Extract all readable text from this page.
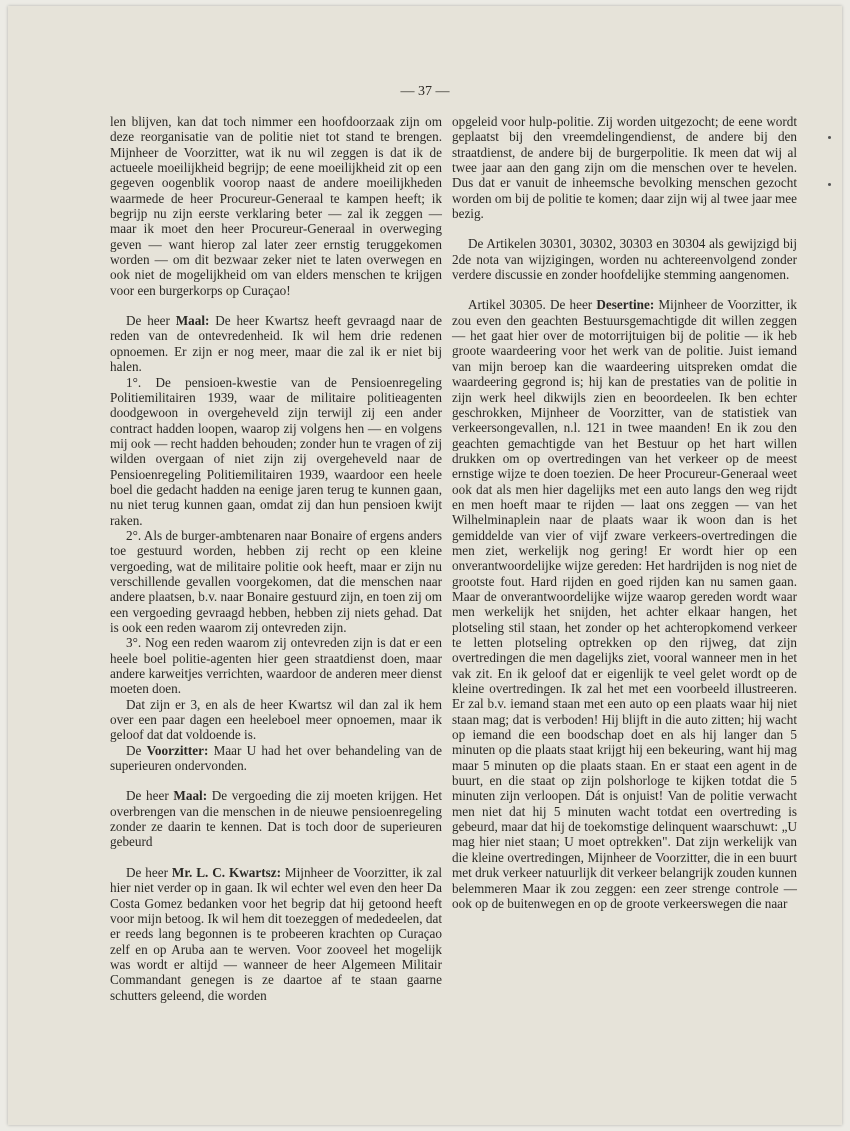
— 37 —

len blijven, kan dat toch nimmer een hoofdoorzaak zijn om deze reorganisatie van de politie niet tot stand te brengen. Mijnheer de Voorzitter, wat ik nu wil zeggen is dat ik de actueele moeilijkheid begrijp; de eene moeilijkheid zit op een gegeven oogenblik voorop naast de andere moeilijkheden waarmede de heer Procureur-Generaal te kampen heeft; ik begrijp nu zijn eerste verklaring beter — zal ik zeggen — maar ik moet den heer Procureur-Generaal in overweging geven — want hierop zal later zeer ernstig teruggekomen worden — om dit bezwaar zeker niet te laten overwegen en ook niet de mogelijkheid om van elders menschen te krijgen voor een burgerkorps op Curaçao!

De heer Maal: De heer Kwartsz heeft gevraagd naar de reden van de ontevredenheid. Ik wil hem drie redenen opnoemen. Er zijn er nog meer, maar die zal ik er niet bij halen.

1°. De pensioen-kwestie van de Pensioenregeling Politiemilitairen 1939, waar de militaire politieagenten doodgewoon in overgeheveld zijn terwijl zij een ander contract hadden loopen, waarop zij volgens hen — en volgens mij ook — recht hadden behouden; zonder hun te vragen of zij wilden overgaan of niet zijn zij overgeheveld naar de Pensioenregeling Politiemilitairen 1939, waardoor een heele boel die gedacht hadden na eenige jaren terug te kunnen gaan, nu niet terug kunnen gaan, omdat zij dan hun pensioen kwijt raken.

2°. Als de burger-ambtenaren naar Bonaire of ergens anders toe gestuurd worden, hebben zij recht op een kleine vergoeding, wat de militaire politie ook heeft, maar er zijn nu verschillende gevallen voorgekomen, dat die menschen naar andere plaatsen, b.v. naar Bonaire gestuurd zijn, en toen zij om een vergoeding gevraagd hebben, hebben zij niets gehad. Dat is ook een reden waarom zij ontevreden zijn.

3°. Nog een reden waarom zij ontevreden zijn is dat er een heele boel politie-agenten hier geen straatdienst doen, maar andere karweitjes verrichten, waardoor de anderen meer dienst moeten doen.

Dat zijn er 3, en als de heer Kwartsz wil dan zal ik hem over een paar dagen een heeleboel meer opnoemen, maar ik geloof dat dat voldoende is.

De Voorzitter: Maar U had het over behandeling van de superieuren ondervonden.

De heer Maal: De vergoeding die zij moeten krijgen. Het overbrengen van die menschen in de nieuwe pensioenregeling zonder ze daarin te kennen. Dat is toch door de superieuren gebeurd

De heer Mr. L. C. Kwartsz: Mijnheer de Voorzitter, ik zal hier niet verder op in gaan. Ik wil echter wel even den heer Da Costa Gomez bedanken voor het begrip dat hij getoond heeft voor mijn betoog. Ik wil hem dit toezeggen of mededeelen, dat er reeds lang begonnen is te probeeren krachten op Curaçao zelf en op Aruba aan te werven. Voor zooveel het mogelijk was wordt er altijd — wanneer de heer Algemeen Militair Commandant genegen is ze daartoe af te staan gaarne schutters geleend, die worden

opgeleid voor hulp-politie. Zij worden uitgezocht; de eene wordt geplaatst bij den vreemdelingendienst, de andere bij den straatdienst, de andere bij de burgerpolitie. Ik meen dat wij al twee jaar aan den gang zijn om die menschen over te hevelen. Dus dat er vanuit de inheemsche bevolking menschen gezocht worden om bij de politie te komen; daar zijn wij al twee jaar mee bezig.

De Artikelen 30301, 30302, 30303 en 30304 als gewijzigd bij 2de nota van wijzigingen, worden nu achtereenvolgend zonder verdere discussie en zonder hoofdelijke stemming aangenomen.

Artikel 30305. De heer Desertine: Mijnheer de Voorzitter, ik zou even den geachten Bestuursgemachtigde dit willen zeggen — het gaat hier over de motorrijtuigen bij de politie — ik heb groote waardeering voor het werk van de politie. Juist iemand van mijn beroep kan die waardeering uitspreken omdat die waardeering gegrond is; hij kan de prestaties van de politie in zijn werk heel dikwijls zien en beoordeelen. Ik ben echter geschrokken, Mijnheer de Voorzitter, van de statistiek van verkeersongevallen, n.l. 121 in twee maanden! En ik zou den geachten gemachtigde van het Bestuur op het hart willen drukken om op overtredingen van het verkeer op de meest ernstige wijze te doen toezien. De heer Procureur-Generaal weet ook dat als men hier dagelijks met een auto langs den weg rijdt en men hoeft maar te rijden — laat ons zeggen — van het Wilhelminaplein naar de plaats waar ik woon dan is het gemiddelde van vier of vijf zware verkeers-overtredingen die men ziet, werkelijk nog gering! Er wordt hier op een onverantwoordelijke wijze gereden: Het hardrijden is nog niet de grootste fout. Hard rijden en goed rijden kan nu samen gaan. Maar de onverantwoordelijke wijze waarop gereden wordt waar men werkelijk het snijden, het achter elkaar hangen, het plotseling stil staan, het zonder op het achteropkomend verkeer te letten plotseling optrekken op den rijweg, dat zijn overtredingen die men dagelijks ziet, vooral wanneer men in het vak zit. En ik geloof dat er eigenlijk te veel gelet wordt op de kleine overtredingen. Ik zal het met een voorbeeld illustreeren. Er zal b.v. iemand staan met een auto op een plaats waar hij niet staan mag; dat is verboden! Hij blijft in die auto zitten; hij wacht op iemand die een boodschap doet en als hij langer dan 5 minuten op die plaats staat krijgt hij een bekeuring, want hij mag maar 5 minuten op die plaats staan. En er staat een agent in de buurt, en die staat op zijn polshorloge te kijken totdat die 5 minuten zijn verloopen. Dát is onjuist! Van de politie verwacht men niet dat hij 5 minuten wacht totdat een overtreding is gebeurd, maar dat hij de toekomstige delinquent waarschuwt: „U mag hier niet staan; U moet optrekken". Dat zijn werkelijk van die kleine overtredingen, Mijnheer de Voorzitter, die in een buurt met druk verkeer natuurlijk dit verkeer belangrijk zouden kunnen belemmeren Maar ik zou zeggen: een zeer strenge controle — ook op de buitenwegen en op de groote verkeerswegen die naar
